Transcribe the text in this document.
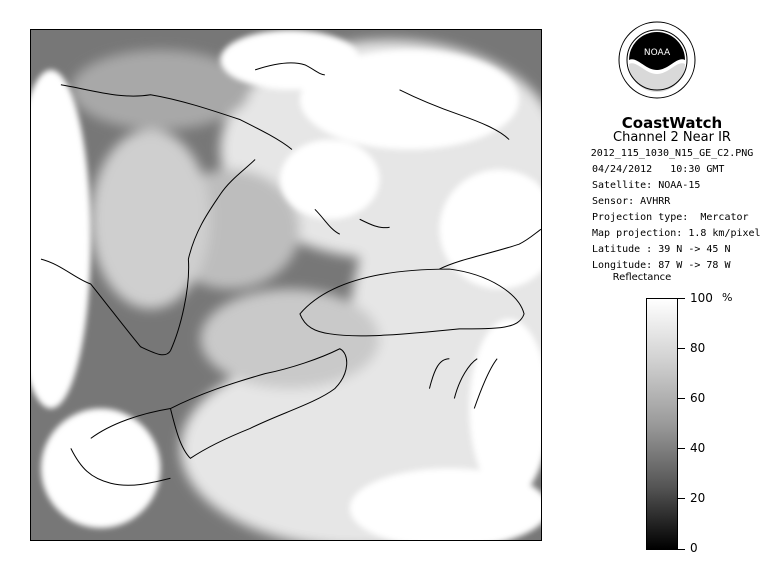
NOAA
CoastWatch
Channel 2 Near IR
2012_115_1030_N15_GE_C2.PNG
04/24/2012   10:30 GMT
Satellite: NOAA-15
Sensor: AVHRR
Projection type:  Mercator
Map projection: 1.8 km/pixel
Latitude : 39 N -> 45 N
Longitude: 87 W -> 78 W
Reflectance
%
100
80
60
40
20
0
